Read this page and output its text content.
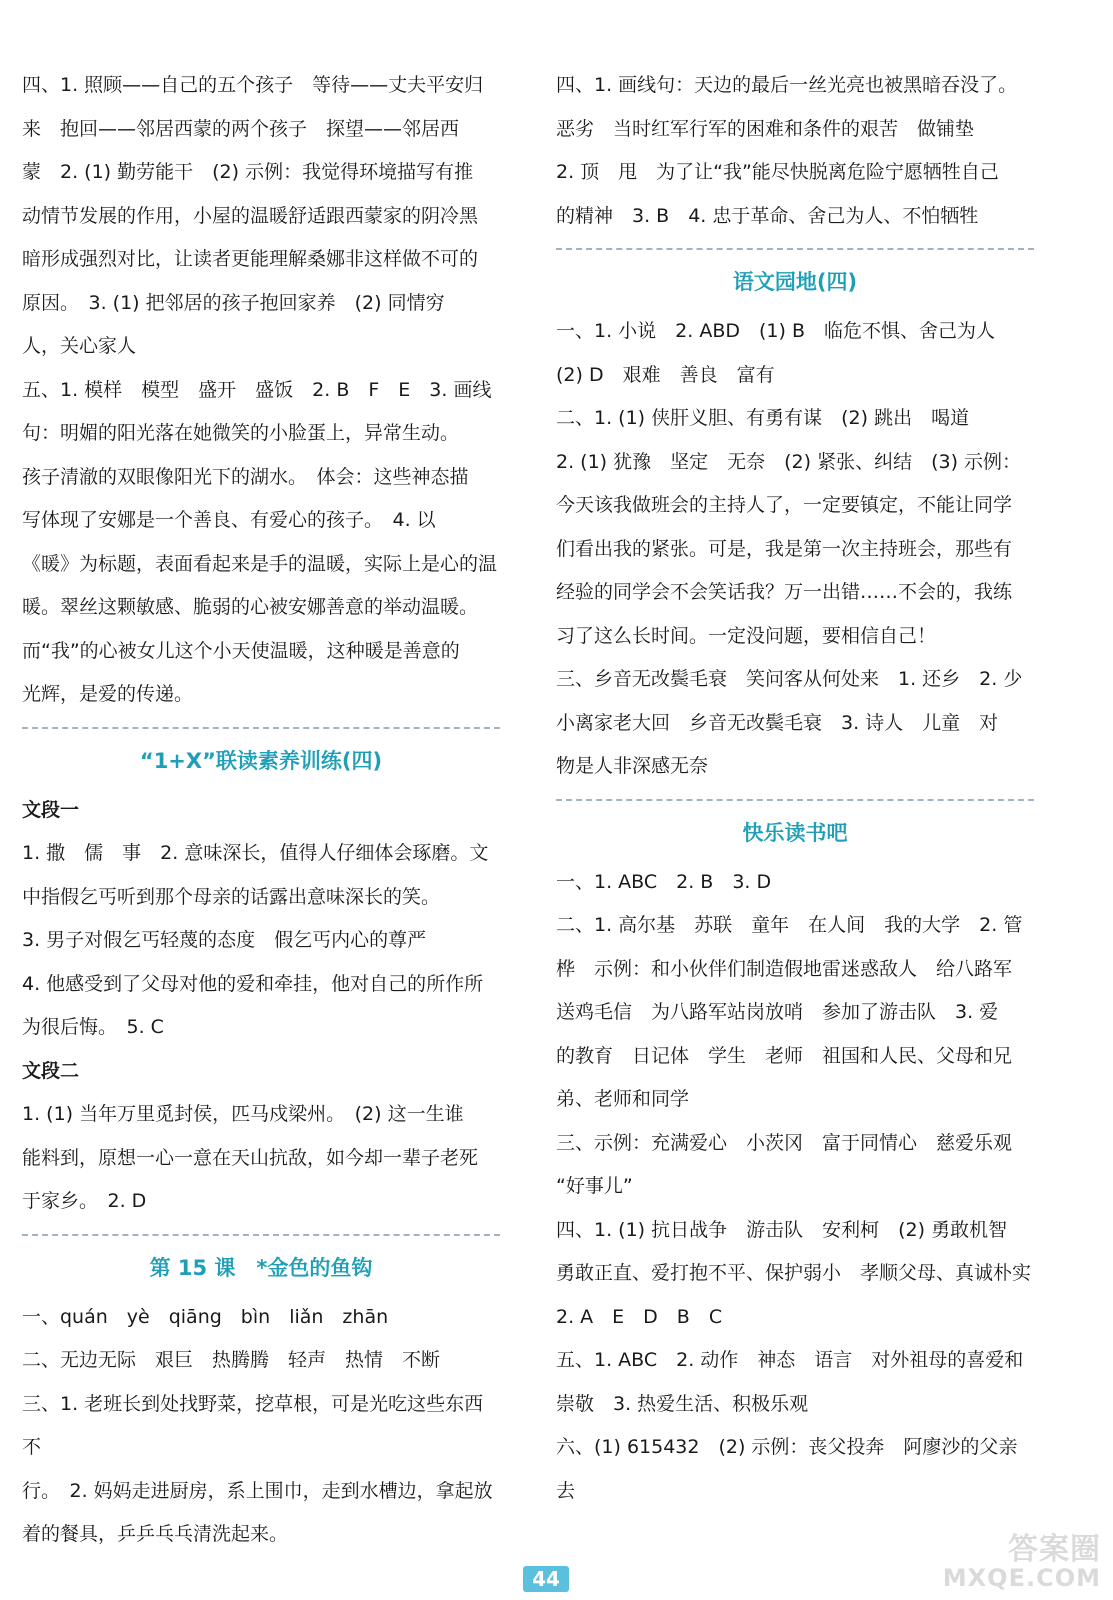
四、1. 照顾——自己的五个孩子　等待——丈夫平安归

来　抱回——邻居西蒙的两个孩子　探望——邻居西

蒙　2. (1) 勤劳能干　(2) 示例：我觉得环境描写有推

动情节发展的作用，小屋的温暖舒适跟西蒙家的阴冷黑

暗形成强烈对比，让读者更能理解桑娜非这样做不可的

原因。　3. (1) 把邻居的孩子抱回家养　(2) 同情穷

人，关心家人

五、1. 模样　模型　盛开　盛饭　2. B　F　E　3. 画线

句：明媚的阳光落在她微笑的小脸蛋上，异常生动。

孩子清澈的双眼像阳光下的湖水。　体会：这些神态描

写体现了安娜是一个善良、有爱心的孩子。　4. 以

《暖》为标题，表面看起来是手的温暖，实际上是心的温

暖。翠丝这颗敏感、脆弱的心被安娜善意的举动温暖。

而“我”的心被女儿这个小天使温暖，这种暖是善意的

光辉，是爱的传递。

“1+X”联读素养训练(四)

文段一

1. 撒　儒　事　2. 意味深长，值得人仔细体会琢磨。文

中指假乞丐听到那个母亲的话露出意味深长的笑。

3. 男子对假乞丐轻蔑的态度　假乞丐内心的尊严

4. 他感受到了父母对他的爱和牵挂，他对自己的所作所

为很后悔。　5. C

文段二

1. (1) 当年万里觅封侯，匹马戍梁州。　(2) 这一生谁

能料到，原想一心一意在天山抗敌，如今却一辈子老死

于家乡。　2. D

第 15 课　*金色的鱼钩

一、quán　yè　qiāng　bìn　liǎn　zhān

二、无边无际　艰巨　热腾腾　轻声　热情　不断

三、1. 老班长到处找野菜，挖草根，可是光吃这些东西不

行。　2. 妈妈走进厨房，系上围巾，走到水槽边，拿起放

着的餐具，乒乒乓乓清洗起来。

四、1. 画线句：天边的最后一丝光亮也被黑暗吞没了。

恶劣　当时红军行军的困难和条件的艰苦　做铺垫

2. 顶　甩　为了让“我”能尽快脱离危险宁愿牺牲自己

的精神　3. B　4. 忠于革命、舍己为人、不怕牺牲

语文园地(四)

一、1. 小说　2. ABD　(1) B　临危不惧、舍己为人

(2) D　艰难　善良　富有

二、1. (1) 侠肝义胆、有勇有谋　(2) 跳出　喝道

2. (1) 犹豫　坚定　无奈　(2) 紧张、纠结　(3) 示例：

今天该我做班会的主持人了，一定要镇定，不能让同学

们看出我的紧张。可是，我是第一次主持班会，那些有

经验的同学会不会笑话我？万一出错……不会的，我练

习了这么长时间。一定没问题，要相信自己！

三、乡音无改鬓毛衰　笑问客从何处来　1. 还乡　2. 少

小离家老大回　乡音无改鬓毛衰　3. 诗人　儿童　对

物是人非深感无奈

快乐读书吧

一、1. ABC　2. B　3. D

二、1. 高尔基　苏联　童年　在人间　我的大学　2. 管

桦　示例：和小伙伴们制造假地雷迷惑敌人　给八路军

送鸡毛信　为八路军站岗放哨　参加了游击队　3. 爱

的教育　日记体　学生　老师　祖国和人民、父母和兄

弟、老师和同学

三、示例：充满爱心　小茨冈　富于同情心　慈爱乐观

“好事儿”

四、1. (1) 抗日战争　游击队　安利柯　(2) 勇敢机智

勇敢正直、爱打抱不平、保护弱小　孝顺父母、真诚朴实

2. A　E　D　B　C

五、1. ABC　2. 动作　神态　语言　对外祖母的喜爱和

崇敬　3. 热爱生活、积极乐观

六、(1) 615432　(2) 示例：丧父投奔　阿廖沙的父亲去

44
答案圈
MXQE.COM
